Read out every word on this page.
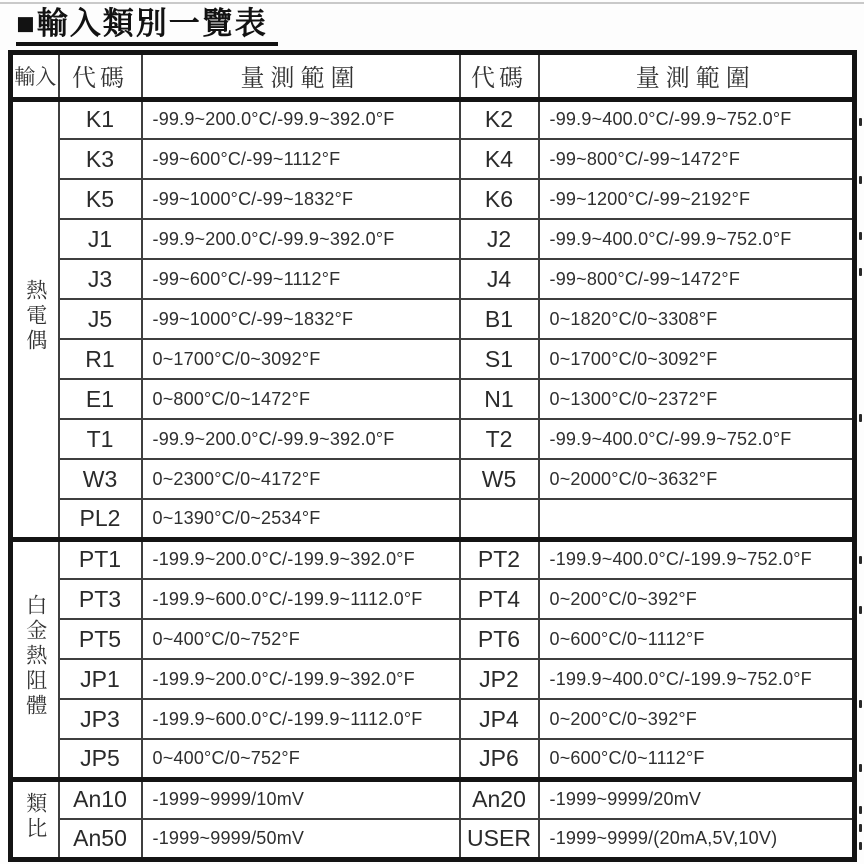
■輸入類別一覽表
輸入	代碼	量測範圍	代碼	量測範圍
熱電偶	K1	-99.9~200.0°C/-99.9~392.0°F	K2	-99.9~400.0°C/-99.9~752.0°F
	K3	-99~600°C/-99~1112°F	K4	-99~800°C/-99~1472°F
	K5	-99~1000°C/-99~1832°F	K6	-99~1200°C/-99~2192°F
	J1	-99.9~200.0°C/-99.9~392.0°F	J2	-99.9~400.0°C/-99.9~752.0°F
	J3	-99~600°C/-99~1112°F	J4	-99~800°C/-99~1472°F
	J5	-99~1000°C/-99~1832°F	B1	0~1820°C/0~3308°F
	R1	0~1700°C/0~3092°F	S1	0~1700°C/0~3092°F
	E1	0~800°C/0~1472°F	N1	0~1300°C/0~2372°F
	T1	-99.9~200.0°C/-99.9~392.0°F	T2	-99.9~400.0°C/-99.9~752.0°F
	W3	0~2300°C/0~4172°F	W5	0~2000°C/0~3632°F
	PL2	0~1390°C/0~2534°F		
白金熱阻體	PT1	-199.9~200.0°C/-199.9~392.0°F	PT2	-199.9~400.0°C/-199.9~752.0°F
	PT3	-199.9~600.0°C/-199.9~1112.0°F	PT4	0~200°C/0~392°F
	PT5	0~400°C/0~752°F	PT6	0~600°C/0~1112°F
	JP1	-199.9~200.0°C/-199.9~392.0°F	JP2	-199.9~400.0°C/-199.9~752.0°F
	JP3	-199.9~600.0°C/-199.9~1112.0°F	JP4	0~200°C/0~392°F
	JP5	0~400°C/0~752°F	JP6	0~600°C/0~1112°F
類比	An10	-1999~9999/10mV	An20	-1999~9999/20mV
	An50	-1999~9999/50mV	USER	-1999~9999/(20mA,5V,10V)
